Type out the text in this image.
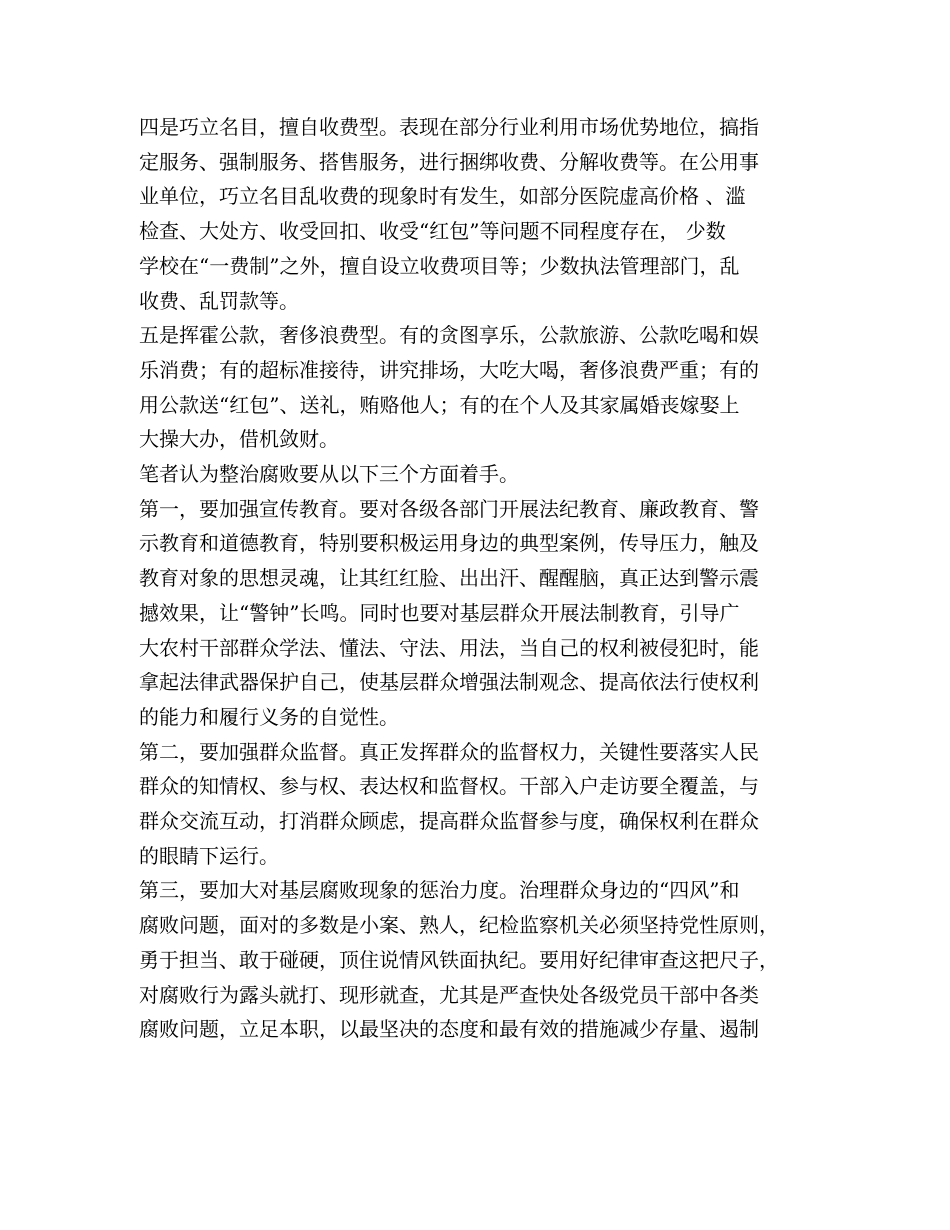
四是巧立名目，擅自收费型。表现在部分行业利用市场优势地位，搞指
定服务、强制服务、搭售服务，进行捆绑收费、分解收费等。在公用事
业单位，巧立名目乱收费的现象时有发生，如部分医院虚高价格 、滥
检查、大处方、收受回扣、收受“红包”等问题不同程度存在， 少数
学校在“一费制”之外，擅自设立收费项目等；少数执法管理部门，乱
收费、乱罚款等。
五是挥霍公款，奢侈浪费型。有的贪图享乐，公款旅游、公款吃喝和娱
乐消费；有的超标准接待，讲究排场，大吃大喝，奢侈浪费严重；有的
用公款送“红包”、送礼，贿赂他人；有的在个人及其家属婚丧嫁娶上
大操大办，借机敛财。
笔者认为整治腐败要从以下三个方面着手。
第一，要加强宣传教育。要对各级各部门开展法纪教育、廉政教育、警
示教育和道德教育，特别要积极运用身边的典型案例，传导压力，触及
教育对象的思想灵魂，让其红红脸、出出汗、醒醒脑，真正达到警示震
撼效果，让“警钟”长鸣。同时也要对基层群众开展法制教育，引导广
大农村干部群众学法、懂法、守法、用法，当自己的权利被侵犯时，能
拿起法律武器保护自己，使基层群众增强法制观念、提高依法行使权利
的能力和履行义务的自觉性。
第二，要加强群众监督。真正发挥群众的监督权力，关键性要落实人民
群众的知情权、参与权、表达权和监督权。干部入户走访要全覆盖，与
群众交流互动，打消群众顾虑，提高群众监督参与度，确保权利在群众
的眼睛下运行。
第三，要加大对基层腐败现象的惩治力度。治理群众身边的“四风”和
腐败问题，面对的多数是小案、熟人，纪检监察机关必须坚持党性原则，
勇于担当、敢于碰硬，顶住说情风铁面执纪。要用好纪律审查这把尺子，
对腐败行为露头就打、现形就查，尤其是严查快处各级党员干部中各类
腐败问题，立足本职，以最坚决的态度和最有效的措施减少存量、遏制
